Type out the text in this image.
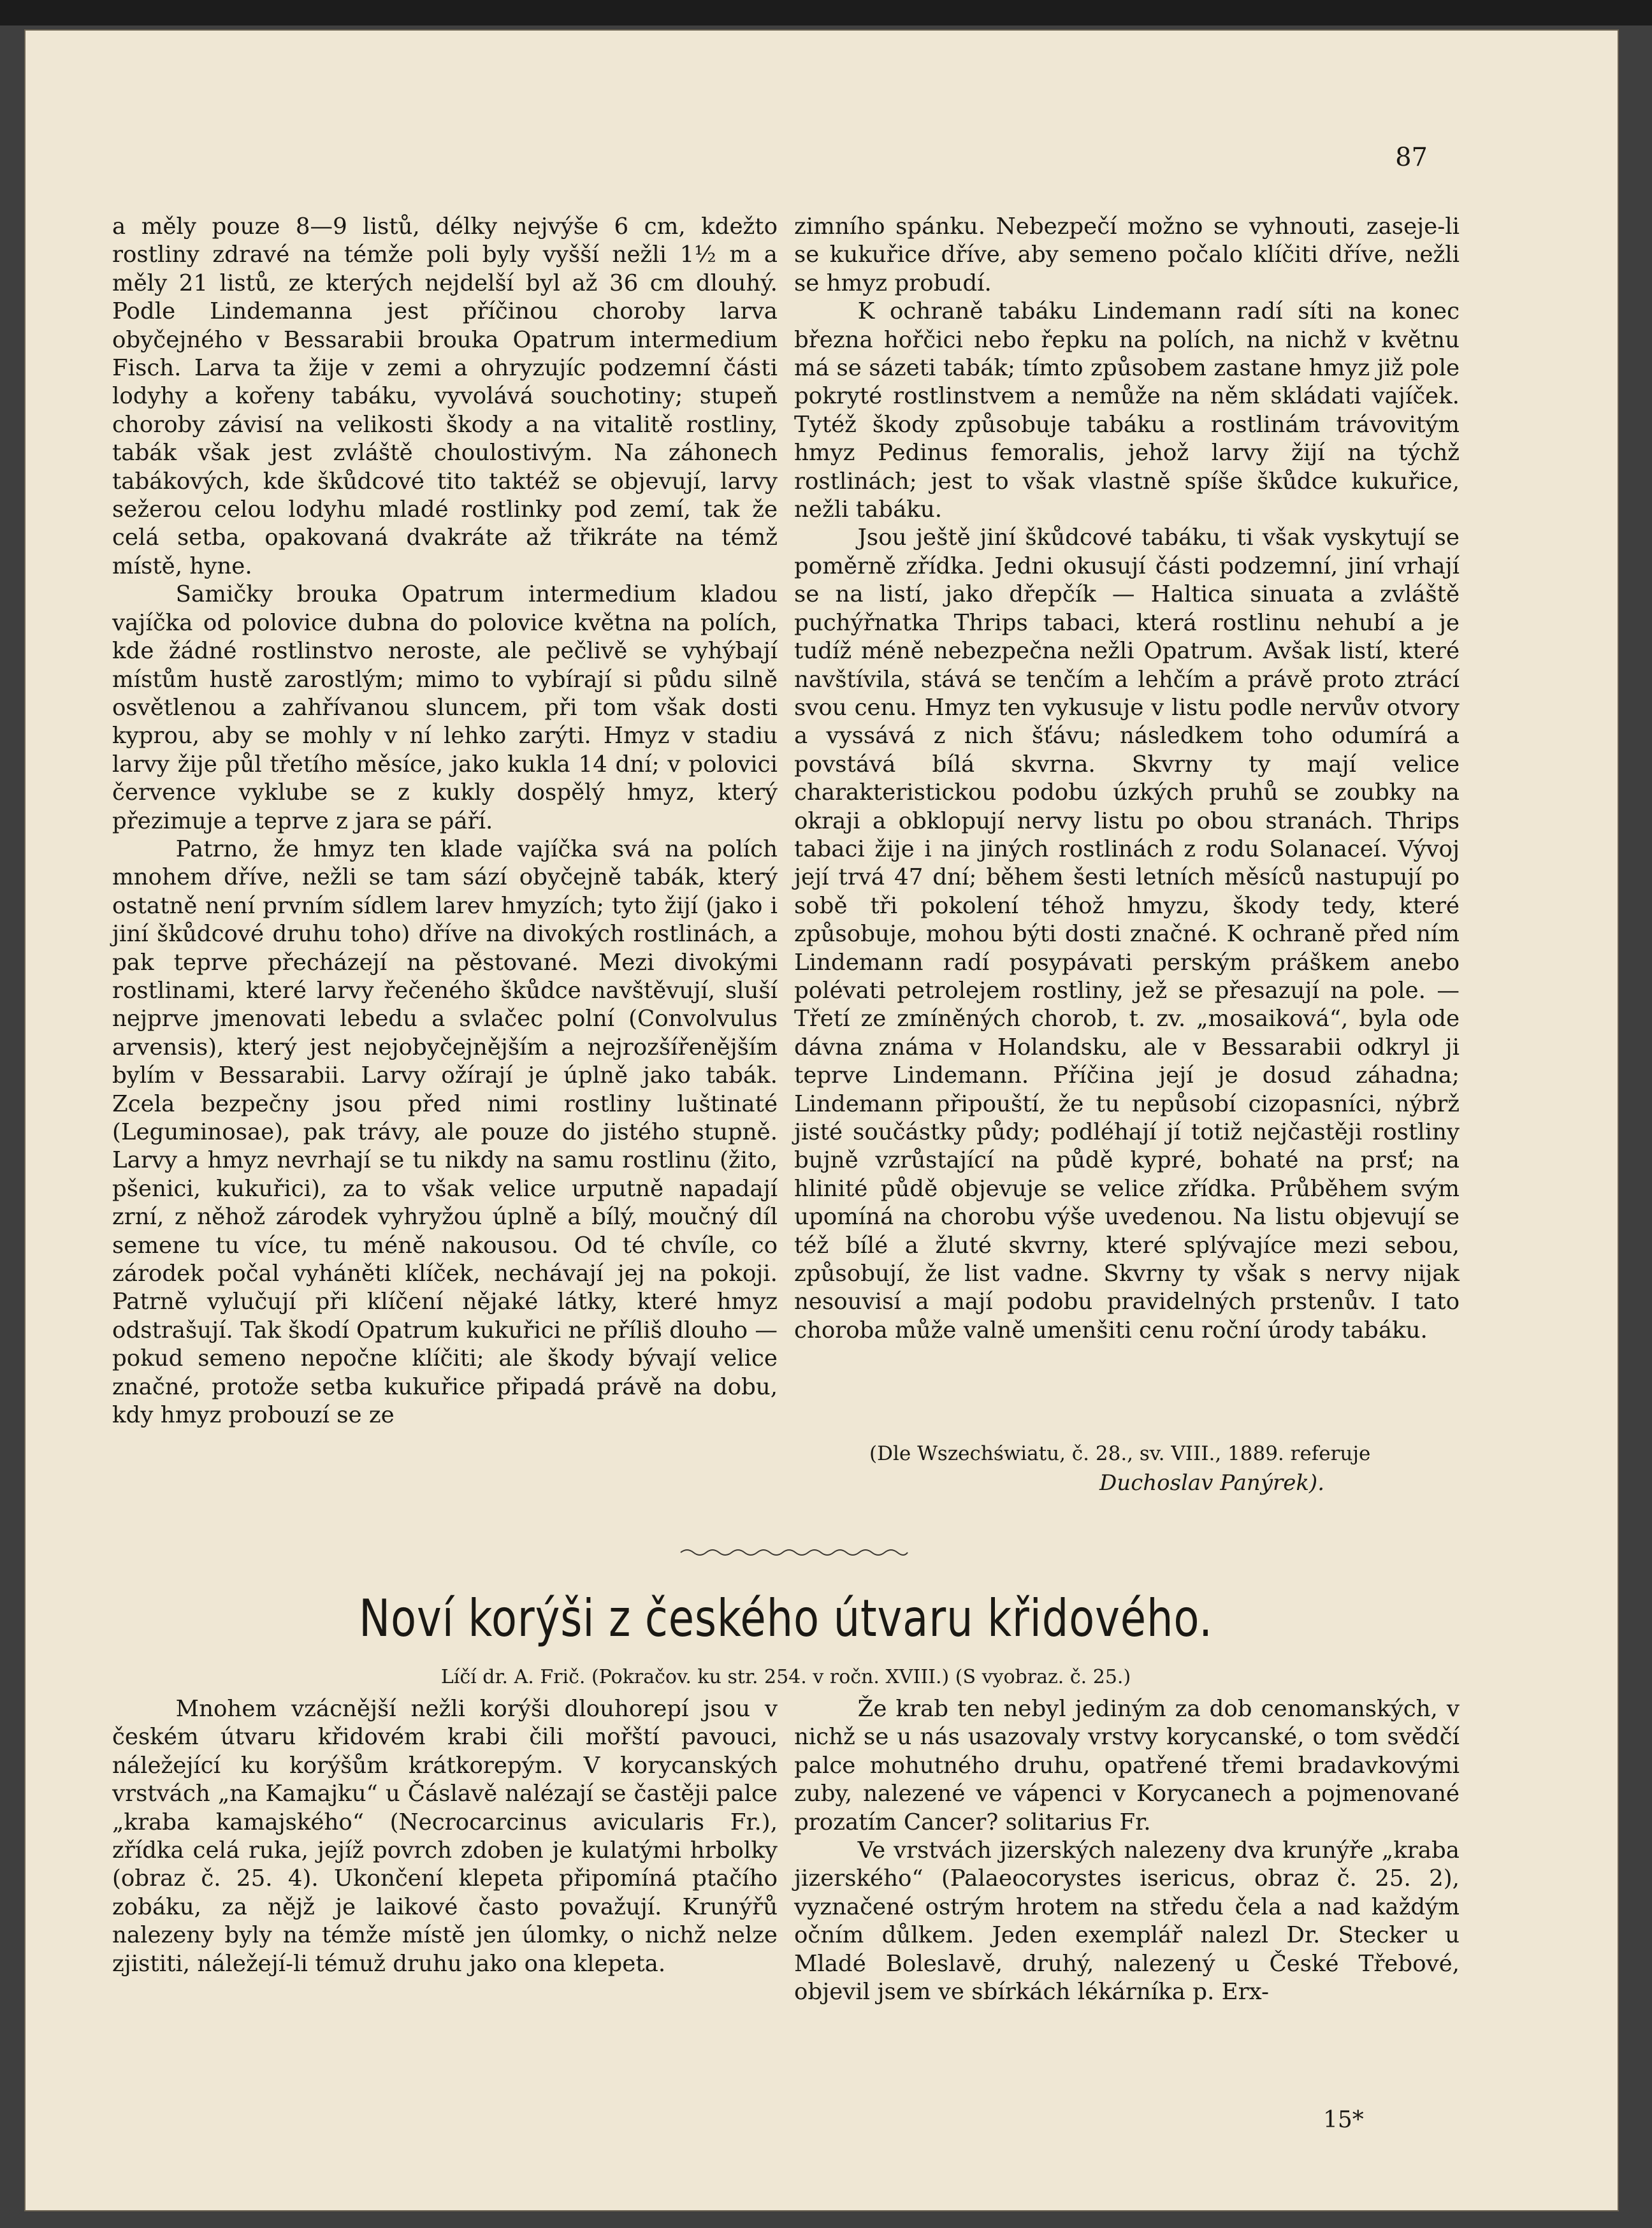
87

a měly pouze 8—9 listů, délky nejvýše 6 cm, kdežto rostliny zdravé na témže poli byly vyšší nežli 1½ m a měly 21 listů, ze kterých nejdelší byl až 36 cm dlouhý. Podle Lindemanna jest příčinou choroby larva obyčejného v Bessarabii brouka Opatrum intermedium Fisch. Larva ta žije v zemi a ohryzujíc podzemní části lodyhy a kořeny tabáku, vyvolává souchotiny; stupeň choroby závisí na velikosti škody a na vitalitě rostliny, tabák však jest zvláště choulostivým. Na záhonech tabákových, kde škůdcové tito taktéž se objevují, larvy sežerou celou lodyhu mladé rostlinky pod zemí, tak že celá setba, opakovaná dvakráte až třikráte na témž místě, hyne.

Samičky brouka Opatrum intermedium kladou vajíčka od polovice dubna do polovice května na polích, kde žádné rostlinstvo neroste, ale pečlivě se vyhýbají místům hustě zarostlým; mimo to vybírají si půdu silně osvětlenou a zahřívanou sluncem, při tom však dosti kyprou, aby se mohly v ní lehko zarýti. Hmyz v stadiu larvy žije půl třetího měsíce, jako kukla 14 dní; v polovici července vyklube se z kukly dospělý hmyz, který přezimuje a teprve z jara se páří.

Patrno, že hmyz ten klade vajíčka svá na polích mnohem dříve, nežli se tam sází obyčejně tabák, který ostatně není prvním sídlem larev hmyzích; tyto žijí (jako i jiní škůdcové druhu toho) dříve na divokých rostlinách, a pak teprve přecházejí na pěstované. Mezi divokými rostlinami, které larvy řečeného škůdce navštěvují, sluší nejprve jmenovati lebedu a svlačec polní (Convolvulus arvensis), který jest nejobyčejnějším a nejrozšířenějším bylím v Bessarabii. Larvy ožírají je úplně jako tabák. Zcela bezpečny jsou před nimi rostliny luštinaté (Leguminosae), pak trávy, ale pouze do jistého stupně. Larvy a hmyz nevrhají se tu nikdy na samu rostlinu (žito, pšenici, kukuřici), za to však velice urputně napadají zrní, z něhož zárodek vyhryžou úplně a bílý, moučný díl semene tu více, tu méně nakousou. Od té chvíle, co zárodek počal vyháněti klíček, nechávají jej na pokoji. Patrně vylučují při klíčení nějaké látky, které hmyz odstrašují. Tak škodí Opatrum kukuřici ne příliš dlouho — pokud semeno nepočne klíčiti; ale škody bývají velice značné, protože setba kukuřice připadá právě na dobu, kdy hmyz probouzí se ze

zimního spánku. Nebezpečí možno se vyhnouti, zaseje-li se kukuřice dříve, aby semeno počalo klíčiti dříve, nežli se hmyz probudí.

K ochraně tabáku Lindemann radí síti na konec března hořčici nebo řepku na polích, na nichž v květnu má se sázeti tabák; tímto způsobem zastane hmyz již pole pokryté rostlinstvem a nemůže na něm skládati vajíček. Tytéž škody způsobuje tabáku a rostlinám trávovitým hmyz Pedinus femoralis, jehož larvy žijí na týchž rostlinách; jest to však vlastně spíše škůdce kukuřice, nežli tabáku.

Jsou ještě jiní škůdcové tabáku, ti však vyskytují se poměrně zřídka. Jedni okusují části podzemní, jiní vrhají se na listí, jako dřepčík — Haltica sinuata a zvláště puchýřnatka Thrips tabaci, která rostlinu nehubí a je tudíž méně nebezpečna nežli Opatrum. Avšak listí, které navštívila, stává se tenčím a lehčím a právě proto ztrácí svou cenu. Hmyz ten vykusuje v listu podle nervův otvory a vyssává z nich šťávu; následkem toho odumírá a povstává bílá skvrna. Skvrny ty mají velice charakteristickou podobu úzkých pruhů se zoubky na okraji a obklopují nervy listu po obou stranách. Thrips tabaci žije i na jiných rostlinách z rodu Solanaceí. Vývoj její trvá 47 dní; během šesti letních měsíců nastupují po sobě tři pokolení téhož hmyzu, škody tedy, které způsobuje, mohou býti dosti značné. K ochraně před ním Lindemann radí posypávati perským práškem anebo polévati petrolejem rostliny, jež se přesazují na pole. — Třetí ze zmíněných chorob, t. zv. „mosaiková“, byla ode dávna známa v Holandsku, ale v Bessarabii odkryl ji teprve Lindemann. Příčina její je dosud záhadna; Lindemann připouští, že tu nepůsobí cizopasníci, nýbrž jisté součástky půdy; podléhají jí totiž nejčastěji rostliny bujně vzrůstající na půdě kypré, bohaté na prsť; na hlinité půdě objevuje se velice zřídka. Průběhem svým upomíná na chorobu výše uvedenou. Na listu objevují se též bílé a žluté skvrny, které splývajíce mezi sebou, způsobují, že list vadne. Skvrny ty však s nervy nijak nesouvisí a mají podobu pravidelných prstenův. I tato choroba může valně umenšiti cenu roční úrody tabáku.

(Dle Wszechświatu, č. 28., sv. VIII., 1889. referuje
Duchoslav Panýrek).
Noví korýši z českého útvaru křidového.
Líčí dr. A. Frič. (Pokračov. ku str. 254. v ročn. XVIII.) (S vyobraz. č. 25.)

Mnohem vzácnější nežli korýši dlouhorepí jsou v českém útvaru křidovém krabi čili mořští pavouci, náležející ku korýšům krátkorepým. V korycanských vrstvách „na Kamajku“ u Čáslavě nalézají se častěji palce „kraba kamajského“ (Necrocarcinus avicularis Fr.), zřídka celá ruka, jejíž povrch zdoben je kulatými hrbolky (obraz č. 25. 4). Ukončení klepeta připomíná ptačího zobáku, za nějž je laikové často považují. Krunýřů nalezeny byly na témže místě jen úlomky, o nichž nelze zjistiti, náležejí-li témuž druhu jako ona klepeta.

Že krab ten nebyl jediným za dob cenomanských, v nichž se u nás usazovaly vrstvy korycanské, o tom svědčí palce mohutného druhu, opatřené třemi bradavkovými zuby, nalezené ve vápenci v Korycanech a pojmenované prozatím Cancer? solitarius Fr.

Ve vrstvách jizerských nalezeny dva krunýře „kraba jizerského“ (Palaeocorystes isericus, obraz č. 25. 2), vyznačené ostrým hrotem na středu čela a nad každým očním důlkem. Jeden exemplář nalezl Dr. Stecker u Mladé Boleslavě, druhý, nalezený u České Třebové, objevil jsem ve sbírkách lékárníka p. Erx-

15*
